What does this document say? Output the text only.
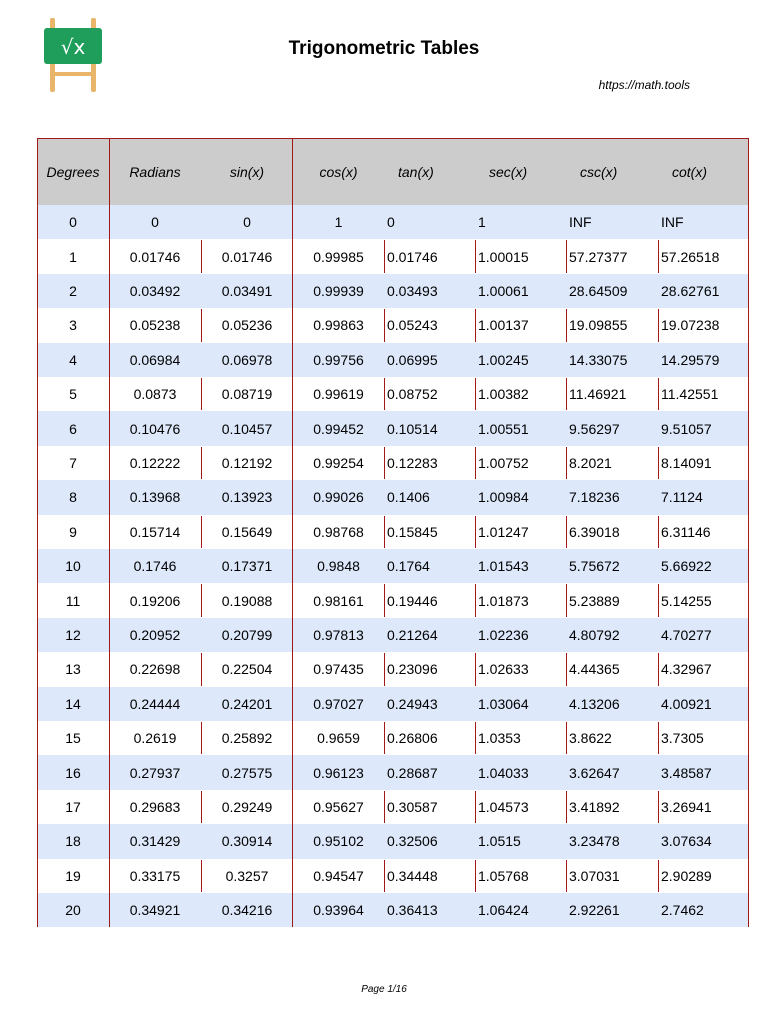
√x	Trigonometric Tables
https://math.tools
Degrees	Radians	sin(x)	cos(x)	tan(x)	sec(x)	csc(x)	cot(x)
0	0	0	1	0	1	INF	INF
1	0.01746	0.01746	0.99985	0.01746	1.00015	57.27377	57.26518
2	0.03492	0.03491	0.99939	0.03493	1.00061	28.64509	28.62761
3	0.05238	0.05236	0.99863	0.05243	1.00137	19.09855	19.07238
4	0.06984	0.06978	0.99756	0.06995	1.00245	14.33075	14.29579
5	0.0873	0.08719	0.99619	0.08752	1.00382	11.46921	11.42551
6	0.10476	0.10457	0.99452	0.10514	1.00551	9.56297	9.51057
7	0.12222	0.12192	0.99254	0.12283	1.00752	8.2021	8.14091
8	0.13968	0.13923	0.99026	0.1406	1.00984	7.18236	7.1124
9	0.15714	0.15649	0.98768	0.15845	1.01247	6.39018	6.31146
10	0.1746	0.17371	0.9848	0.1764	1.01543	5.75672	5.66922
11	0.19206	0.19088	0.98161	0.19446	1.01873	5.23889	5.14255
12	0.20952	0.20799	0.97813	0.21264	1.02236	4.80792	4.70277
13	0.22698	0.22504	0.97435	0.23096	1.02633	4.44365	4.32967
14	0.24444	0.24201	0.97027	0.24943	1.03064	4.13206	4.00921
15	0.2619	0.25892	0.9659	0.26806	1.0353	3.8622	3.7305
16	0.27937	0.27575	0.96123	0.28687	1.04033	3.62647	3.48587
17	0.29683	0.29249	0.95627	0.30587	1.04573	3.41892	3.26941
18	0.31429	0.30914	0.95102	0.32506	1.0515	3.23478	3.07634
19	0.33175	0.3257	0.94547	0.34448	1.05768	3.07031	2.90289
20	0.34921	0.34216	0.93964	0.36413	1.06424	2.92261	2.7462
Page 1/16
